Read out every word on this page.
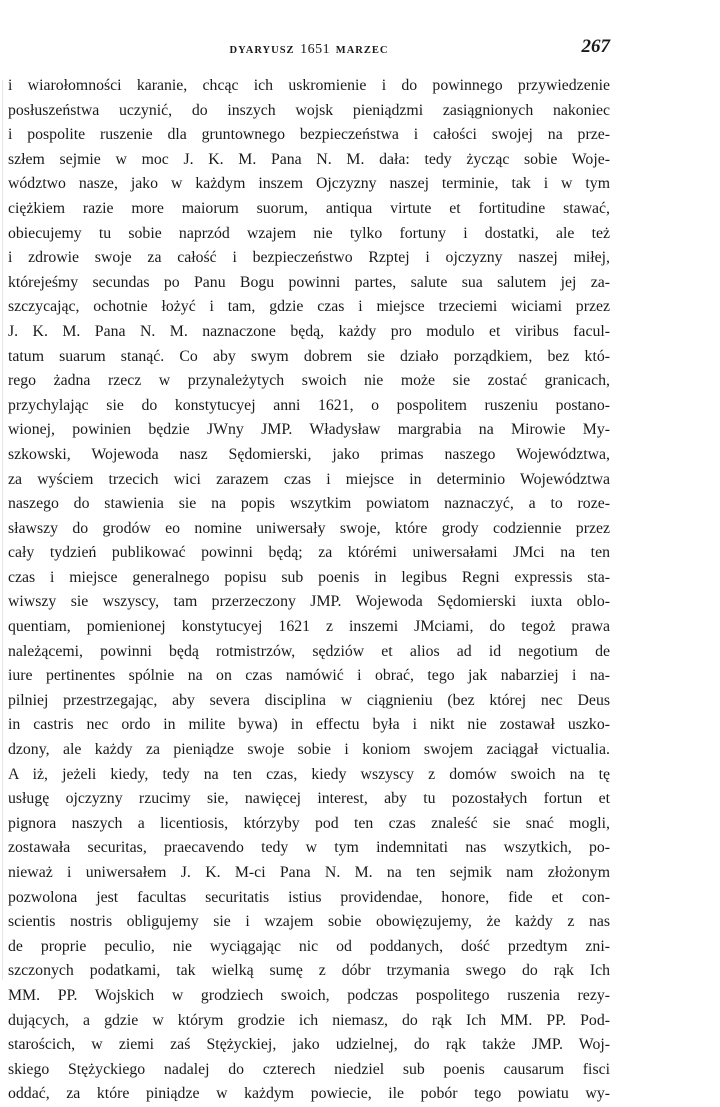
DYARYUSZ 1651 MARZEC	267
i wiarołomności karanie, chcąc ich uskromienie i do powinnego przywiedzenie
posłuszeństwa uczynić, do inszych wojsk pieniądzmi zasiągnionych nakoniec
i pospolite ruszenie dla gruntownego bezpieczeństwa i całości swojej na prze-
szłem sejmie w moc J. K. M. Pana N. M. dała: tedy życząc sobie Woje-
wództwo nasze, jako w każdym inszem Ojczyzny naszej terminie, tak i w tym
ciężkiem razie more maiorum suorum, antiqua virtute et fortitudine stawać,
obiecujemy tu sobie naprzód wzajem nie tylko fortuny i dostatki, ale też
i zdrowie swoje za całość i bezpieczeństwo Rzptej i ojczyzny naszej miłej,
którejeśmy secundas po Panu Bogu powinni partes, salute sua salutem jej za-
szczycając, ochotnie łożyć i tam, gdzie czas i miejsce trzeciemi wiciami przez
J. K. M. Pana N. M. naznaczone będą, każdy pro modulo et viribus facul-
tatum suarum stanąć. Co aby swym dobrem sie działo porządkiem, bez któ-
rego żadna rzecz w przynależytych swoich nie może sie zostać granicach,
przychylając sie do konstytucyej anni 1621, o pospolitem ruszeniu postano-
wionej, powinien będzie JWny JMP. Władysław margrabia na Mirowie My-
szkowski, Wojewoda nasz Sędomierski, jako primas naszego Województwa,
za wyściem trzecich wici zarazem czas i miejsce in determinio Województwa
naszego do stawienia sie na popis wszytkim powiatom naznaczyć, a to roze-
sławszy do grodów eo nomine uniwersały swoje, które grody codziennie przez
cały tydzień publikować powinni będą; za którémi uniwersałami JMci na ten
czas i miejsce generalnego popisu sub poenis in legibus Regni expressis sta-
wiwszy sie wszyscy, tam przerzeczony JMP. Wojewoda Sędomierski iuxta oblo-
quentiam, pomienionej konstytucyej 1621 z inszemi JMciami, do tegoż prawa
należącemi, powinni będą rotmistrzów, sędziów et alios ad id negotium de
iure pertinentes spólnie na on czas namówić i obrać, tego jak nabarziej i na-
pilniej przestrzegając, aby severa disciplina w ciągnieniu (bez której nec Deus
in castris nec ordo in milite bywa) in effectu była i nikt nie zostawał uszko-
dzony, ale każdy za pieniądze swoje sobie i koniom swojem zaciągał victualia.
A iż, jeżeli kiedy, tedy na ten czas, kiedy wszyscy z domów swoich na tę
usługę ojczyzny rzucimy sie, nawięcej interest, aby tu pozostałych fortun et
pignora naszych a licentiosis, którzyby pod ten czas znaleść sie snać mogli,
zostawała securitas, praecavendo tedy w tym indemnitati nas wszytkich, po-
nieważ i uniwersałem J. K. M-ci Pana N. M. na ten sejmik nam złożonym
pozwolona jest facultas securitatis istius providendae, honore, fide et con-
scientis nostris obligujemy sie i wzajem sobie obowięzujemy, że każdy z nas
de proprie peculio, nie wyciągając nic od poddanych, dość przedtym zni-
szczonych podatkami, tak wielką sumę z dóbr trzymania swego do rąk Ich
MM. PP. Wojskich w grodziech swoich, podczas pospolitego ruszenia rezy-
dujących, a gdzie w którym grodzie ich niemasz, do rąk Ich MM. PP. Pod-
starościch, w ziemi zaś Stężyckiej, jako udzielnej, do rąk także JMP. Woj-
skiego Stężyckiego nadalej do czterech niedziel sub poenis causarum fisci
oddać, za które piniądze w każdym powiecie, ile pobór tego powiatu wy-
